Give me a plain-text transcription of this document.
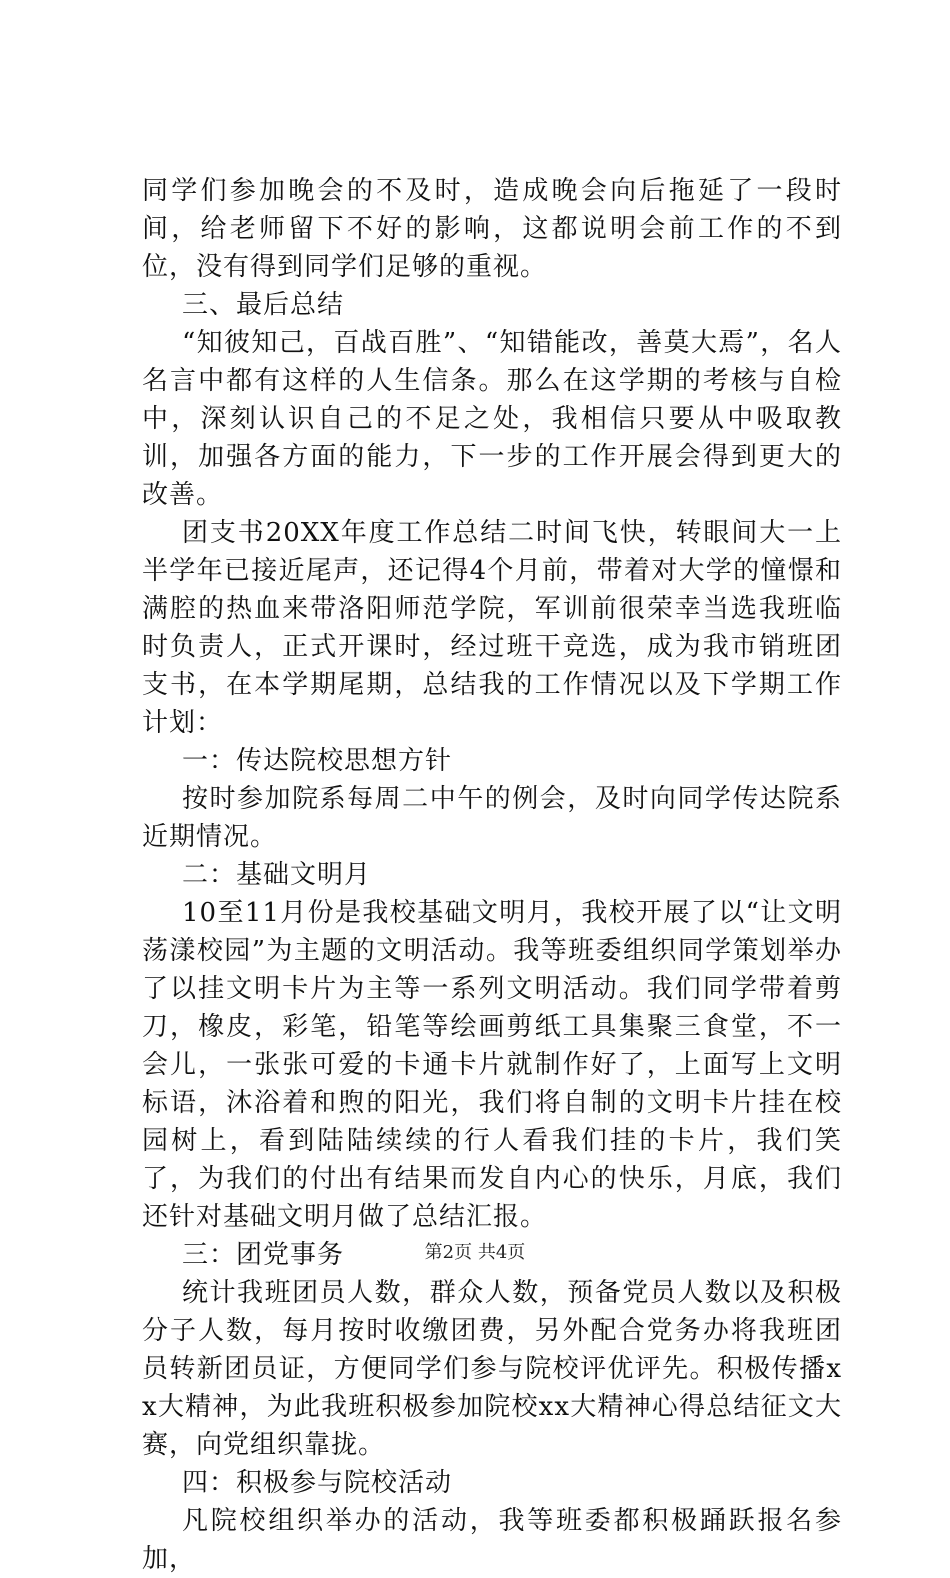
同学们参加晚会的不及时，造成晚会向后拖延了一段时间，给老师留下不好的影响，这都说明会前工作的不到位，没有得到同学们足够的重视。

三、最后总结

“知彼知己，百战百胜”、“知错能改，善莫大焉”，名人名言中都有这样的人生信条。那么在这学期的考核与自检中，深刻认识自己的不足之处，我相信只要从中吸取教训，加强各方面的能力，下一步的工作开展会得到更大的改善。

团支书20XX年度工作总结二时间飞快，转眼间大一上半学年已接近尾声，还记得4个月前，带着对大学的憧憬和满腔的热血来带洛阳师范学院，军训前很荣幸当选我班临时负责人，正式开课时，经过班干竞选，成为我市销班团支书，在本学期尾期，总结我的工作情况以及下学期工作计划：

一：传达院校思想方针

按时参加院系每周二中午的例会，及时向同学传达院系近期情况。

二：基础文明月

10至11月份是我校基础文明月，我校开展了以“让文明荡漾校园”为主题的文明活动。我等班委组织同学策划举办了以挂文明卡片为主等一系列文明活动。我们同学带着剪刀，橡皮，彩笔，铅笔等绘画剪纸工具集聚三食堂，不一会儿，一张张可爱的卡通卡片就制作好了，上面写上文明标语，沐浴着和煦的阳光，我们将自制的文明卡片挂在校园树上，看到陆陆续续的行人看我们挂的卡片，我们笑了，为我们的付出有结果而发自内心的快乐，月底，我们还针对基础文明月做了总结汇报。

三：团党事务

统计我班团员人数，群众人数，预备党员人数以及积极分子人数，每月按时收缴团费，另外配合党务办将我班团员转新团员证，方便同学们参与院校评优评先。积极传播xx大精神，为此我班积极参加院校xx大精神心得总结征文大赛，向党组织靠拢。

四：积极参与院校活动

凡院校组织举办的活动，我等班委都积极踊跃报名参加，

第2页 共4页
